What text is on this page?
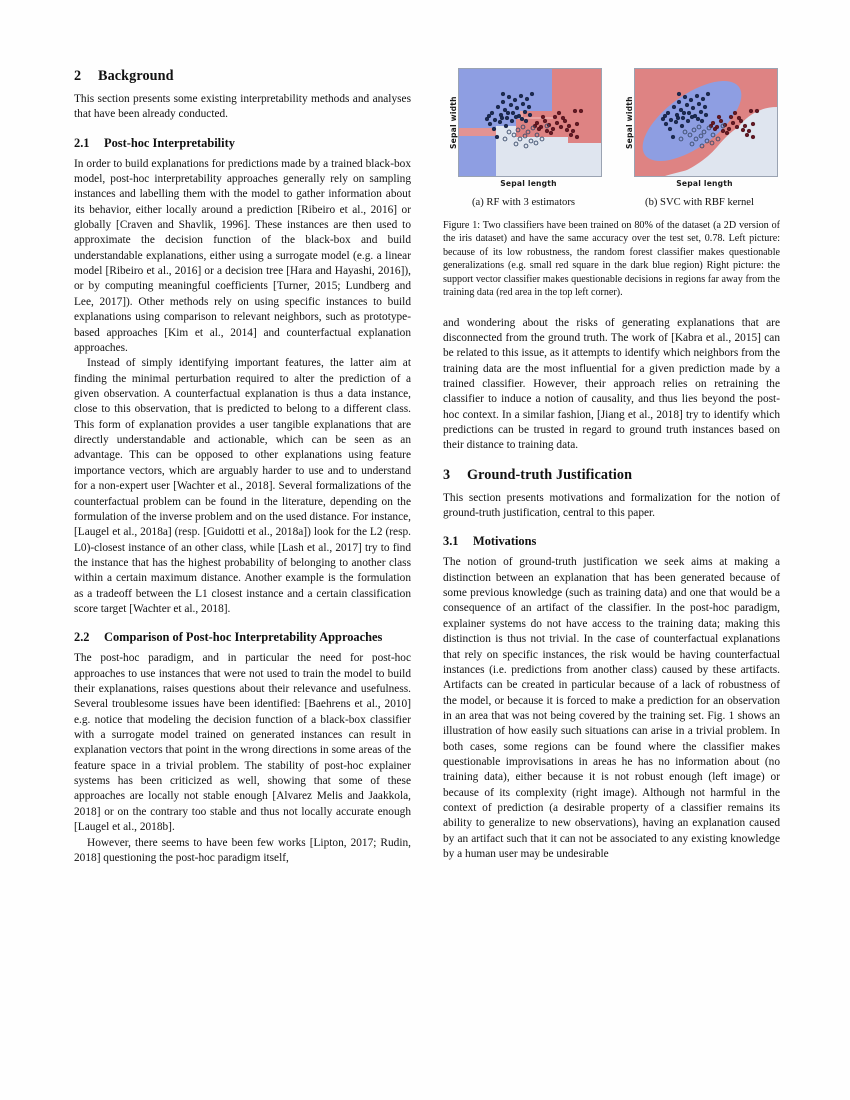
2	Background

This section presents some existing interpretability methods and analyses that have been already conducted.

2.1	Post-hoc Interpretability

In order to build explanations for predictions made by a trained black-box model, post-hoc interpretability approaches generally rely on sampling instances and labelling them with the model to gather information about its behavior, either locally around a prediction [Ribeiro et al., 2016] or globally [Craven and Shavlik, 1996]. These instances are then used to approximate the decision function of the black-box and build understandable explanations, either using a surrogate model (e.g. a linear model [Ribeiro et al., 2016] or a decision tree [Hara and Hayashi, 2016]), or by computing meaningful coefficients [Turner, 2015; Lundberg and Lee, 2017]). Other methods rely on using specific instances to build explanations using comparison to relevant neighbors, such as prototype-based approaches [Kim et al., 2014] and counterfactual explanation approaches.

Instead of simply identifying important features, the latter aim at finding the minimal perturbation required to alter the prediction of a given observation. A counterfactual explanation is thus a data instance, close to this observation, that is predicted to belong to a different class. This form of explanation provides a user tangible explanations that are directly understandable and actionable, which can be seen as an advantage. This can be opposed to other explanations using feature importance vectors, which are arguably harder to use and to understand for a non-expert user [Wachter et al., 2018]. Several formalizations of the counterfactual problem can be found in the literature, depending on the formulation of the inverse problem and on the used distance. For instance, [Laugel et al., 2018a] (resp. [Guidotti et al., 2018a]) look for the L2 (resp. L0)-closest instance of an other class, while [Lash et al., 2017] try to find the instance that has the highest probability of belonging to another class within a certain maximum distance. Another example is the formulation as a tradeoff between the L1 closest instance and a certain classification score target [Wachter et al., 2018].

2.2	Comparison of Post-hoc Interpretability Approaches

The post-hoc paradigm, and in particular the need for post-hoc approaches to use instances that were not used to train the model to build their explanations, raises questions about their relevance and usefulness. Several troublesome issues have been identified: [Baehrens et al., 2010] e.g. notice that modeling the decision function of a black-box classifier with a surrogate model trained on generated instances can result in explanation vectors that point in the wrong directions in some areas of the feature space in a trivial problem. The stability of post-hoc explainer systems has been criticized as well, showing that some of these approaches are locally not stable enough [Alvarez Melis and Jaakkola, 2018] or on the contrary too stable and thus not locally accurate enough [Laugel et al., 2018b].

However, there seems to have been few works [Lipton, 2017; Rudin, 2018] questioning the post-hoc paradigm itself,

Sepal width
Sepal length
(a) RF with 3 estimators
Sepal width
Sepal length
(b) SVC with RBF kernel

Figure 1: Two classifiers have been trained on 80% of the dataset (a 2D version of the iris dataset) and have the same accuracy over the test set, 0.78. Left picture: because of its low robustness, the random forest classifier makes questionable generalizations (e.g. small red square in the dark blue region) Right picture: the support vector classifier makes questionable decisions in regions far away from the training data (red area in the top left corner).

and wondering about the risks of generating explanations that are disconnected from the ground truth. The work of [Kabra et al., 2015] can be related to this issue, as it attempts to identify which neighbors from the training data are the most influential for a given prediction made by a trained classifier. However, their approach relies on retraining the classifier to induce a notion of causality, and thus lies beyond the post-hoc context. In a similar fashion, [Jiang et al., 2018] try to identify which predictions can be trusted in regard to ground truth instances based on their distance to training data.

3	Ground-truth Justification

This section presents motivations and formalization for the notion of ground-truth justification, central to this paper.

3.1	Motivations

The notion of ground-truth justification we seek aims at making a distinction between an explanation that has been generated because of some previous knowledge (such as training data) and one that would be a consequence of an artifact of the classifier. In the post-hoc paradigm, explainer systems do not have access to the training data; making this distinction is thus not trivial. In the case of counterfactual explanations that rely on specific instances, the risk would be having counterfactual instances (i.e. predictions from another class) caused by these artifacts. Artifacts can be created in particular because of a lack of robustness of the model, or because it is forced to make a prediction for an observation in an area that was not being covered by the training set. Fig. 1 shows an illustration of how easily such situations can arise in a trivial problem. In both cases, some regions can be found where the classifier makes questionable improvisations in areas he has no information about (no training data), either because it is not robust enough (left image) or because of its complexity (right image). Although not harmful in the context of prediction (a desirable property of a classifier remains its ability to generalize to new observations), having an explanation caused by an artifact such that it can not be associated to any existing knowledge by a human user may be undesirable
